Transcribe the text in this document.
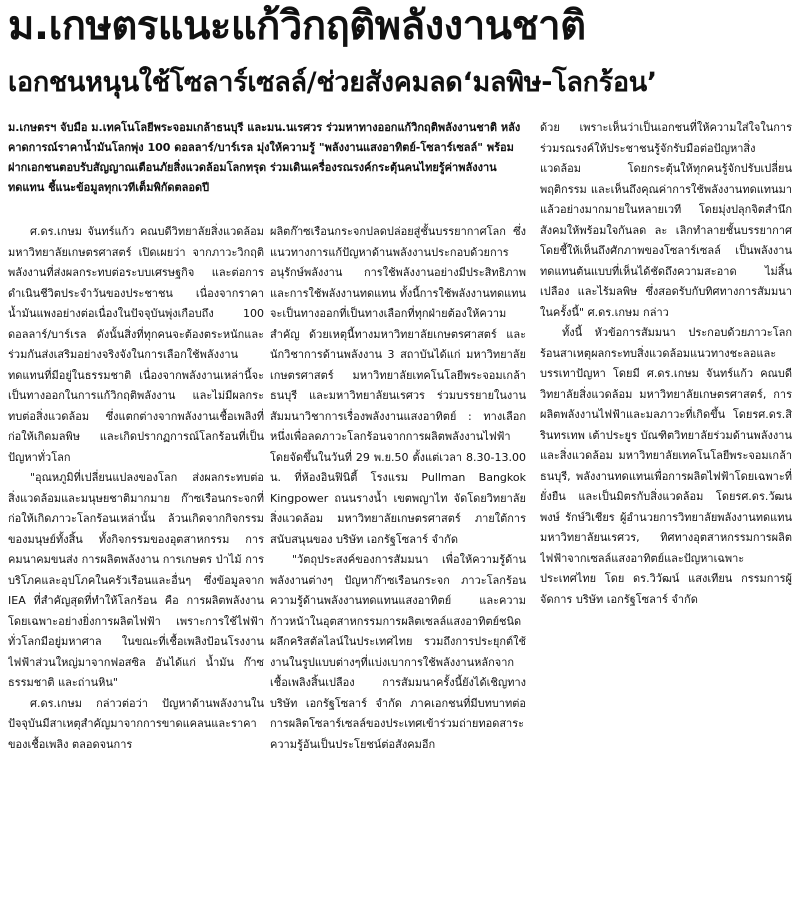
ม.เกษตรแนะแก้วิกฤติพลังงานชาติ
เอกชนหนุนใช้โซลาร์เซลล์/ช่วยสังคมลดʻมลพิษ-โลกร้อนʼ
ม.เกษตรฯ จับมือ ม.เทคโนโลยีพระจอมเกล้าธนบุรี และมน.นเรศวร ร่วมหาทางออกแก้วิกฤติพลังงานชาติ หลังคาดการณ์ราคาน้ำมันโลกพุ่ง 100 ดอลลาร์/บาร์เรล มุ่งให้ความรู้ "พลังงานแสงอาทิตย์-โซลาร์เซลล์" พร้อมฝากเอกชนตอบรับสัญญาณเตือนภัยสิ่งแวดล้อมโลกทรุด ร่วมเดินเครื่องรณรงค์กระตุ้นคนไทยรู้ค่าพลังงานทดแทน ชี้แนะข้อมูลทุกเวทีเต็มพิกัดตลอดปี

ศ.ดร.เกษม จันทร์แก้ว คณบดีวิทยาลัยสิ่งแวดล้อม มหาวิทยาลัยเกษตรศาสตร์ เปิดเผยว่า จากภาวะวิกฤติพลังงานที่ส่งผลกระทบต่อระบบเศรษฐกิจ และต่อการดำเนินชีวิตประจำวันของประชาชน เนื่องจากราคาน้ำมันแพงอย่างต่อเนื่องในปัจจุบันพุ่งเกือบถึง 100 ดอลลาร์/บาร์เรล ดังนั้นสิ่งที่ทุกคนจะต้องตระหนักและร่วมกันส่งเสริมอย่างจริงจังในการเลือกใช้พลังงานทดแทนที่มีอยู่ในธรรมชาติ เนื่องจากพลังงานเหล่านี้จะเป็นทางออกในการแก้วิกฤติพลังงาน และไม่มีผลกระทบต่อสิ่งแวดล้อม ซึ่งแตกต่างจากพลังงานเชื้อเพลิงที่ก่อให้เกิดมลพิษ และเกิดปรากฏการณ์โลกร้อนที่เป็นปัญหาทั่วโลก

"อุณหภูมิที่เปลี่ยนแปลงของโลก ส่งผลกระทบต่อสิ่งแวดล้อมและมนุษยชาติมากมาย ก๊าซเรือนกระจกที่ก่อให้เกิดภาวะโลกร้อนเหล่านั้น ล้วนเกิดจากกิจกรรมของมนุษย์ทั้งสิ้น ทั้งกิจกรรมของอุตสาหกรรม การคมนาคมขนส่ง การผลิตพลังงาน การเกษตร ป่าไม้ การบริโภคและอุปโภคในครัวเรือนและอื่นๆ ซึ่งข้อมูลจาก IEA ที่สำคัญสุดที่ทำให้โลกร้อน คือ การผลิตพลังงาน โดยเฉพาะอย่างยิ่งการผลิตไฟฟ้า เพราะการใช้ไฟฟ้าทั่วโลกมีอยู่มหาศาล ในขณะที่เชื้อเพลิงป้อนโรงงานไฟฟ้าส่วนใหญ่มาจากฟอสซิล อันได้แก่ น้ำมัน ก๊าซธรรมชาติ และถ่านหิน"

ศ.ดร.เกษม กล่าวต่อว่า ปัญหาด้านพลังงานในปัจจุบันมีสาเหตุสำคัญมาจากการขาดแคลนและราคาของเชื้อเพลิง ตลอดจนการ

ผลิตก๊าซเรือนกระจกปลดปล่อยสู่ชั้นบรรยากาศโลก ซึ่งแนวทางการแก้ปัญหาด้านพลังงานประกอบด้วยการอนุรักษ์พลังงาน การใช้พลังงานอย่างมีประสิทธิภาพ และการใช้พลังงานทดแทน ทั้งนี้การใช้พลังงานทดแทนจะเป็นทางออกที่เป็นทางเลือกที่ทุกฝ่ายต้องให้ความสำคัญ ด้วยเหตุนี้ทางมหาวิทยาลัยเกษตรศาสตร์ และนักวิชาการด้านพลังงาน 3 สถาบันได้แก่ มหาวิทยาลัยเกษตรศาสตร์ มหาวิทยาลัยเทคโนโลยีพระจอมเกล้าธนบุรี และมหาวิทยาลัยนเรศวร ร่วมบรรยายในงานสัมมนาวิชาการเรื่องพลังงานแสงอาทิตย์ : ทางเลือกหนึ่งเพื่อลดภาวะโลกร้อนจากการผลิตพลังงานไฟฟ้า โดยจัดขึ้นในวันที่ 29 พ.ย.50 ตั้งแต่เวลา 8.30-13.00 น. ที่ห้องอินฟินิตี้ โรงแรม Pullman Bangkok Kingpower ถนนรางน้ำ เขตพญาไท จัดโดยวิทยาลัยสิ่งแวดล้อม มหาวิทยาลัยเกษตรศาสตร์ ภายใต้การสนับสนุนของ บริษัท เอกรัฐโซลาร์ จำกัด

"วัตถุประสงค์ของการสัมมนา เพื่อให้ความรู้ด้านพลังงานต่างๆ ปัญหาก๊าซเรือนกระจก ภาวะโลกร้อน ความรู้ด้านพลังงานทดแทนแสงอาทิตย์ และความก้าวหน้าในอุตสาหกรรมการผลิตเซลล์แสงอาทิตย์ชนิดผลึกคริสตัลไลน์ในประเทศไทย รวมถึงการประยุกต์ใช้งานในรูปแบบต่างๆที่แบ่งเบาการใช้พลังงานหลักจากเชื้อเพลิงสิ้นเปลือง การสัมมนาครั้งนี้ยังได้เชิญทางบริษัท เอกรัฐโซลาร์ จำกัด ภาคเอกชนที่มีบทบาทต่อการผลิตโซลาร์เซลล์ของประเทศเข้าร่วมถ่ายทอดสาระความรู้อันเป็นประโยชน์ต่อสังคมอีก

ด้วย เพราะเห็นว่าเป็นเอกชนที่ให้ความใส่ใจในการร่วมรณรงค์ให้ประชาชนรู้จักรับมือต่อปัญหาสิ่งแวดล้อม โดยกระตุ้นให้ทุกคนรู้จักปรับเปลี่ยนพฤติกรรม และเห็นถึงคุณค่าการใช้พลังงานทดแทนมาแล้วอย่างมากมายในหลายเวที โดยมุ่งปลุกจิตสำนึกสังคมให้พร้อมใจกันลด ละ เลิกทำลายชั้นบรรยากาศ โดยชี้ให้เห็นถึงศักภาพของโซลาร์เซลล์ เป็นพลังงานทดแทนต้นแบบที่เห็นได้ชัดถึงความสะอาด ไม่สิ้นเปลือง และไร้มลพิษ ซึ่งสอดรับกับทิศทางการสัมมนาในครั้งนี้" ศ.ดร.เกษม กล่าว

ทั้งนี้ หัวข้อการสัมมนา ประกอบด้วยภาวะโลกร้อนสาเหตุผลกระทบสิ่งแวดล้อมแนวทางชะลอและบรรเทาปัญหา โดยมี ศ.ดร.เกษม จันทร์แก้ว คณบดีวิทยาลัยสิ่งแวดล้อม มหาวิทยาลัยเกษตรศาสตร์, การผลิตพลังงานไฟฟ้าและมลภาวะที่เกิดขึ้น โดยรศ.ดร.สิรินทรเทพ เต้าประยูร บัณฑิตวิทยาลัยร่วมด้านพลังงานและสิ่งแวดล้อม มหาวิทยาลัยเทคโนโลยีพระจอมเกล้าธนบุรี, พลังงานทดแทนเพื่อการผลิตไฟฟ้าโดยเฉพาะที่ยั่งยืน และเป็นมิตรกับสิ่งแวดล้อม โดยรศ.ดร.วัฒนพงษ์ รักษ์วิเชียร ผู้อำนวยการวิทยาลัยพลังงานทดแทน มหาวิทยาลัยนเรศวร, ทิศทางอุตสาหกรรมการผลิตไฟฟ้าจากเซลล์แสงอาทิตย์และปัญหาเฉพาะประเทศไทย โดย ดร.วิวัฒน์ แสงเทียน กรรมการผู้จัดการ บริษัท เอกรัฐโซลาร์ จำกัด
